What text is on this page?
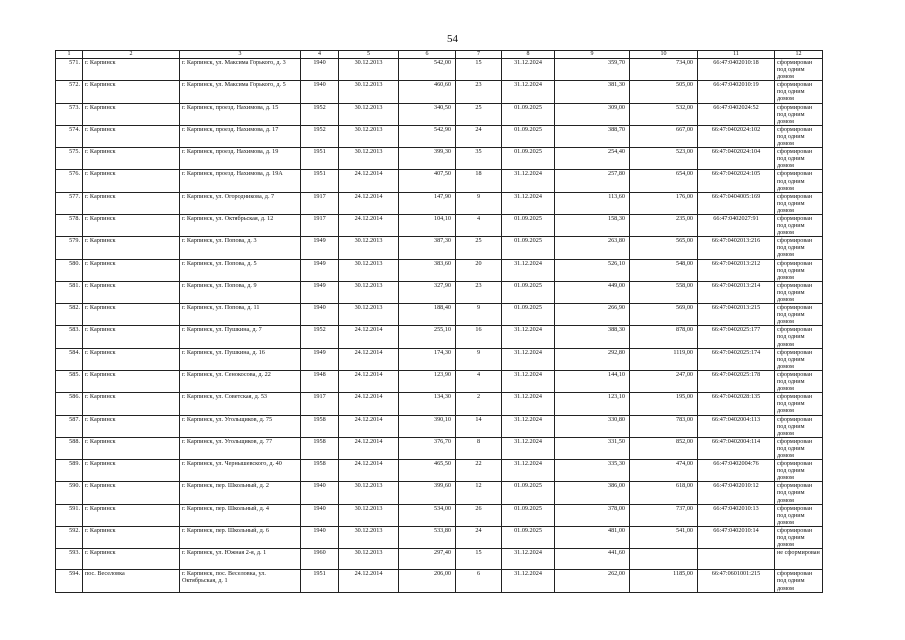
54
1	2	3	4	5	6	7	8	9	10	11	12
571.	г. Карпинск	г. Карпинск, ул. Максима Горького, д. 3	1940	30.12.2013	542,00	15	31.12.2024	359,70	734,00	66:47:0402010:18	сформирован под одним домом
572.	г. Карпинск	г. Карпинск, ул. Максима Горького, д. 5	1940	30.12.2013	460,60	23	31.12.2024	381,30	505,00	66:47:0402010:19	сформирован под одним домом
573.	г. Карпинск	г. Карпинск, проезд. Нахимова, д. 15	1952	30.12.2013	340,50	25	01.09.2025	309,00	532,00	66:47:0402024:52	сформирован под одним домом
574.	г. Карпинск	г. Карпинск, проезд. Нахимова, д. 17	1952	30.12.2013	542,90	24	01.09.2025	388,70	667,00	66:47:0402024:102	сформирован под одним домом
575.	г. Карпинск	г. Карпинск, проезд. Нахимова, д. 19	1951	30.12.2013	399,30	35	01.09.2025	254,40	523,00	66:47:0402024:104	сформирован под одним домом
576.	г. Карпинск	г. Карпинск, проезд. Нахимова, д. 19А	1951	24.12.2014	407,50	18	31.12.2024	257,80	654,00	66:47:0402024:105	сформирован под одним домом
577.	г. Карпинск	г. Карпинск, ул. Огородникова, д. 7	1917	24.12.2014	147,90	9	31.12.2024	113,60	176,00	66:47:0404005:169	сформирован под одним домом
578.	г. Карпинск	г. Карпинск, ул. Октябрьская, д. 12	1917	24.12.2014	104,10	4	01.09.2025	158,30	235,00	66:47:0402027:91	сформирован под одним домом
579.	г. Карпинск	г. Карпинск, ул. Попова, д. 3	1949	30.12.2013	387,30	25	01.09.2025	263,80	565,00	66:47:0402013:216	сформирован под одним домом
580.	г. Карпинск	г. Карпинск, ул. Попова, д. 5	1949	30.12.2013	383,60	20	31.12.2024	526,10	548,00	66:47:0402013:212	сформирован под одним домом
581.	г. Карпинск	г. Карпинск, ул. Попова, д. 9	1949	30.12.2013	327,90	23	01.09.2025	449,00	558,00	66:47:0402013:214	сформирован под одним домом
582.	г. Карпинск	г. Карпинск, ул. Попова, д. 11	1940	30.12.2013	188,40	9	01.09.2025	266,90	569,00	66:47:0402013:215	сформирован под одним домом
583.	г. Карпинск	г. Карпинск, ул. Пушкина, д. 7	1952	24.12.2014	255,10	16	31.12.2024	388,30	878,00	66:47:0402025:177	сформирован под одним домом
584.	г. Карпинск	г. Карпинск, ул. Пушкина, д. 16	1949	24.12.2014	174,30	9	31.12.2024	292,80	1119,00	66:47:0402025:174	сформирован под одним домом
585.	г. Карпинск	г. Карпинск, ул. Сенокосова, д. 22	1948	24.12.2014	123,90	4	31.12.2024	144,10	247,00	66:47:0402025:178	сформирован под одним домом
586.	г. Карпинск	г. Карпинск, ул. Советская, д. 53	1917	24.12.2014	134,30	2	31.12.2024	123,10	195,00	66:47:0402028:135	сформирован под одним домом
587.	г. Карпинск	г. Карпинск, ул. Угольщиков, д. 75	1958	24.12.2014	390,10	14	31.12.2024	330,80	783,00	66:47:0402004:113	сформирован под одним домом
588.	г. Карпинск	г. Карпинск, ул. Угольщиков, д. 77	1958	24.12.2014	376,70	8	31.12.2024	331,50	852,00	66:47:0402004:114	сформирован под одним домом
589.	г. Карпинск	г. Карпинск, ул. Чернышевского, д. 40	1958	24.12.2014	465,50	22	31.12.2024	335,30	474,00	66:47:0402004:76	сформирован под одним домом
590.	г. Карпинск	г. Карпинск, пер. Школьный, д. 2	1940	30.12.2013	399,60	12	01.09.2025	386,00	618,00	66:47:0402010:12	сформирован под одним домом
591.	г. Карпинск	г. Карпинск, пер. Школьный, д. 4	1940	30.12.2013	534,00	26	01.09.2025	378,00	737,00	66:47:0402010:13	сформирован под одним домом
592.	г. Карпинск	г. Карпинск, пер. Школьный, д. 6	1940	30.12.2013	533,80	24	01.09.2025	481,00	541,00	66:47:0402010:14	сформирован под одним домом
593.	г. Карпинск	г. Карпинск, ул. Южная 2-я, д. 1	1960	30.12.2013	297,40	15	31.12.2024	441,60			не сформирован
594.	пос. Веселовка	г. Карпинск, пос. Веселовка, ул. Октябрьская, д. 1	1951	24.12.2014	206,00	6	31.12.2024	262,00	1185,00	66:47:0601001:215	сформирован под одним домом
